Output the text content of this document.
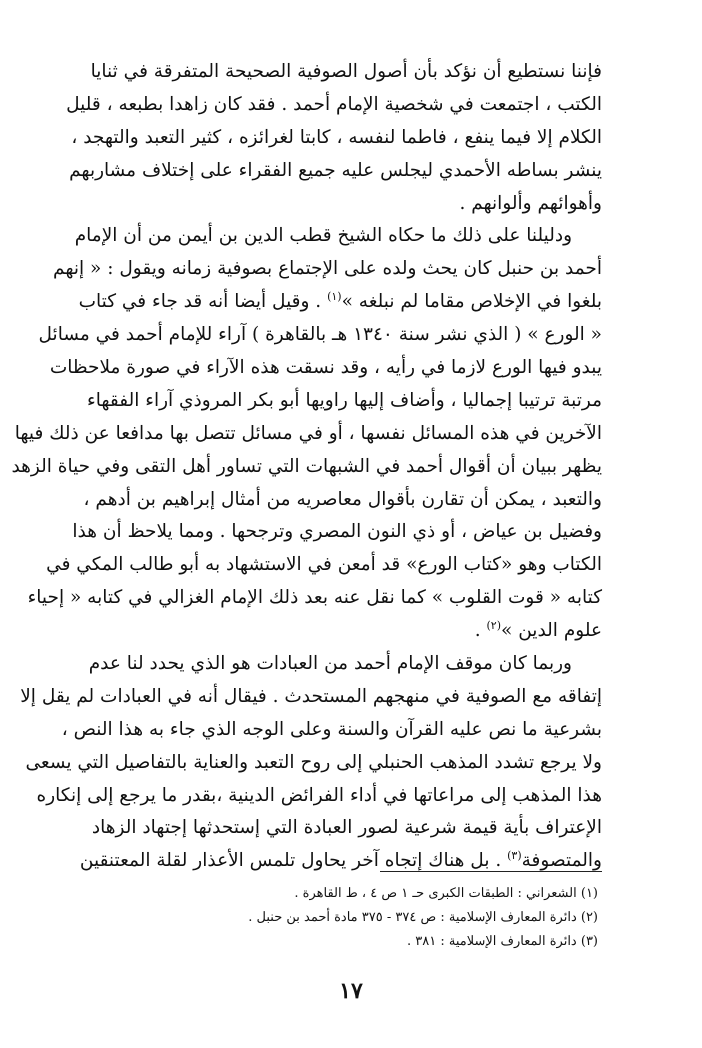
فإننا نستطيع أن نؤكد بأن أصول الصوفية الصحيحة المتفرقة في ثنايا
الكتب ، اجتمعت في شخصية الإمام أحمد . فقد كان زاهدا بطبعه ، قليل
الكلام إلا فيما ينفع ، فاطما لنفسه ، كابتا لغرائزه ، كثير التعبد والتهجد ،
ينشر بساطه الأحمدي ليجلس عليه جميع الفقراء على إختلاف مشاربهم
وأهوائهم وألوانهم .
ودليلنا على ذلك ما حكاه الشيخ قطب الدين بن أيمن من أن الإمام
أحمد بن حنبل كان يحث ولده على الإجتماع بصوفية زمانه ويقول : « إنهم
بلغوا في الإخلاص مقاما لم نبلغه »$^{(١)}$ . وقيل أيضا أنه قد جاء في كتاب
« الورع » ( الذي نشر سنة ١٣٤٠ هـ بالقاهرة ) آراء للإمام أحمد في مسائل
يبدو فيها الورع لازما في رأيه ، وقد نسقت هذه الآراء في صورة ملاحظات
مرتبة ترتيبا إجماليا ، وأضاف إليها راويها أبو بكر المروذي آراء الفقهاء
الآخرين في هذه المسائل نفسها ، أو في مسائل تتصل بها مدافعا عن ذلك فيها
يظهر ببيان أن أقوال أحمد في الشبهات التي تساور أهل التقى وفي حياة الزهد
والتعبد ، يمكن أن تقارن بأقوال معاصريه من أمثال إبراهيم بن أدهم ،
وفضيل بن عياض ، أو ذي النون المصري وترجحها . ومما يلاحظ أن هذا
الكتاب وهو «كتاب الورع» قد أمعن في الاستشهاد به أبو طالب المكي في
كتابه « قوت القلوب » كما نقل عنه بعد ذلك الإمام الغزالي في كتابه « إحياء
علوم الدين »$^{(٢)}$ .
وربما كان موقف الإمام أحمد من العبادات هو الذي يحدد لنا عدم
إتفاقه مع الصوفية في منهجهم المستحدث . فيقال أنه في العبادات لم يقل إلا
بشرعية ما نص عليه القرآن والسنة وعلى الوجه الذي جاء به هذا النص ،
ولا يرجع تشدد المذهب الحنبلي إلى روح التعبد والعناية بالتفاصيل التي يسعى
هذا المذهب إلى مراعاتها في أداء الفرائض الدينية ،بقدر ما يرجع إلى إنكاره
الإعتراف بأية قيمة شرعية لصور العبادة التي إستحدثها إجتهاد الزهاد
والمتصوفة$^{(٣)}$ . بل هناك إتجاه آخر يحاول تلمس الأعذار لقلة المعتنقين
(١) الشعراني : الطبقات الكبرى حـ ١ ص ٤ ، ط القاهرة .
(٢) دائرة المعارف الإسلامية : ص ٣٧٤ - ٣٧٥ مادة أحمد بن حنبل .
(٣) دائرة المعارف الإسلامية : ٣٨١ .
١٧
